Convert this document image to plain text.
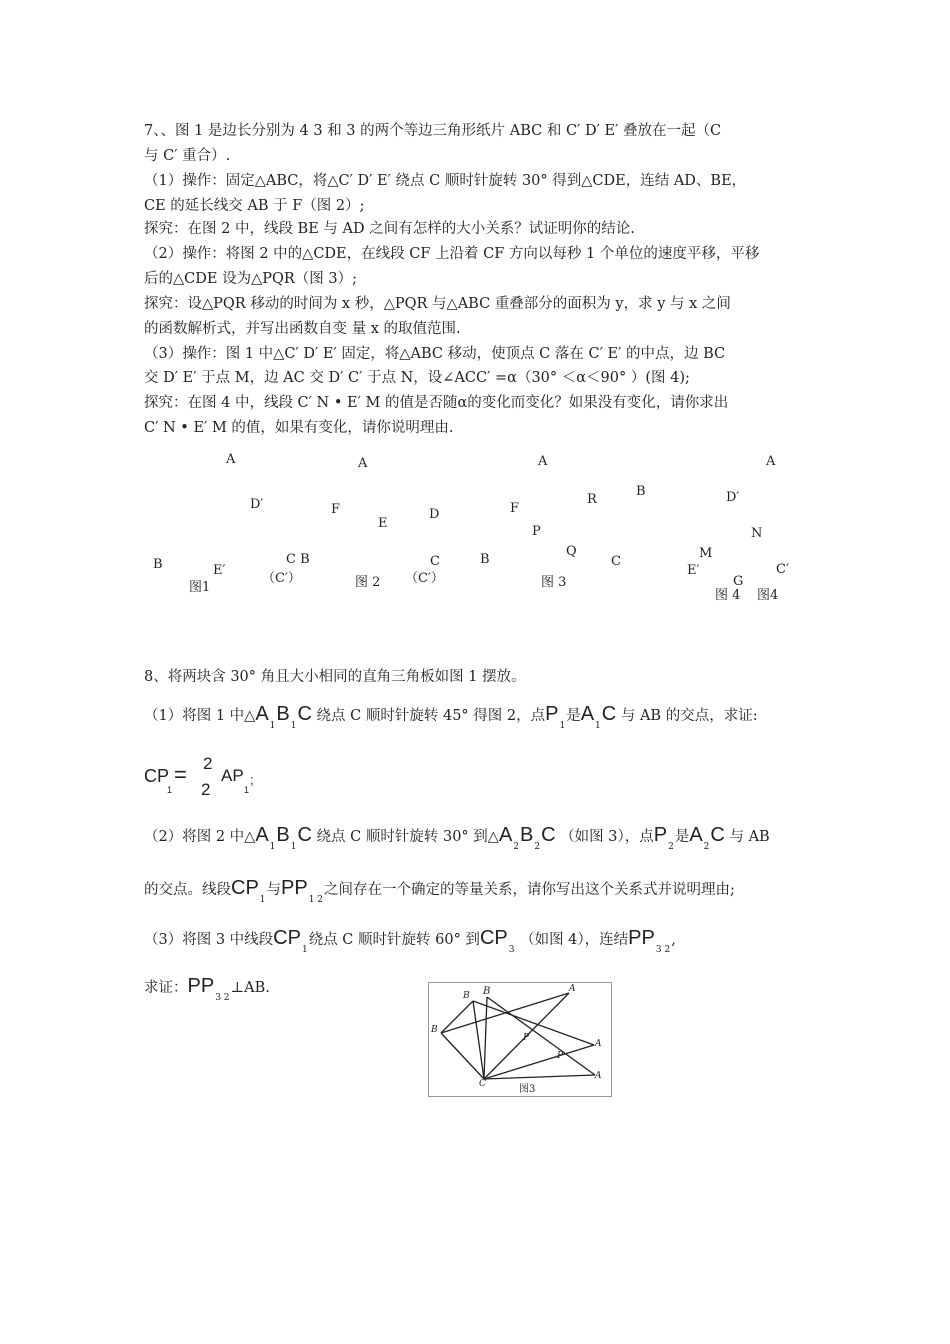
7、、图 1 是边长分别为 4 3 和 3 的两个等边三角形纸片 ABC 和 C′ D′ E′ 叠放在一起（C
与 C′ 重合）.
（1）操作：固定△ABC，将△C′ D′ E′ 绕点 C 顺时针旋转 30° 得到△CDE，连结 AD、BE，
CE 的延长线交 AB 于 F（图 2）;
探究：在图 2 中，线段 BE 与 AD 之间有怎样的大小关系？试证明你的结论.
（2）操作：将图 2 中的△CDE，在线段 CF 上沿着 CF 方向以每秒 1 个单位的速度平移，平移
后的△CDE 设为△PQR（图 3）;
探究：设△PQR 移动的时间为 x 秒，△PQR 与△ABC 重叠部分的面积为 y，求 y 与 x 之间
的函数解析式，并写出函数自变 量 x 的取值范围.
（3）操作：图 1 中△C′ D′ E′ 固定，将△ABC 移动，使顶点 C 落在 C′ E′ 的中点，边 BC
交 D′ E′ 于点 M，边 AC 交 D′ C′ 于点 N，设∠ACC′ =α（30° ＜α＜90° ）(图 4);
探究：在图 4 中，线段 C′ N • E′ M 的值是否随α的变化而变化？如果没有变化，请你求出
C′ N • E′ M 的值，如果有变化，请你说明理由.
A	A	A	A
B
R
D′	D′
F	F
D
E
P	N
Q	M
C B	C	B	C
B	E′
（C′）	（C′）
E′	C′
G
图1	图 2	图 3
图 4 图4
8、将两块含 30° 角且大小相同的直角三角板如图 1 摆放。
（1）将图 1 中$\triangle A_1B_1C$ 绕点 C 顺时针旋转 45° 得图 2，点$P_1$是$A_1C$ 与 AB 的交点，求证:
CP
1
= 2
2
AP
1
;
（2）将图 2 中$\triangle A_1B_1C$ 绕点 C 顺时针旋转 30° 到$\triangle A_2B_2C$ （如图 3），点$P_2$是$A_2C$ 与 AB
的交点。线段$CP_1$与$PP_{1 2}$之间存在一个确定的等量关系，请你写出这个关系式并说明理由;
（3）将图 3 中线段$CP_1$绕点 C 顺时针旋转 60° 到$CP_3$ （如图 4），连结$PP_{3 2}$,
求证：$PP_{3 2}\perp AB$.	A
B B
B
P
A
P
C
A
图3
